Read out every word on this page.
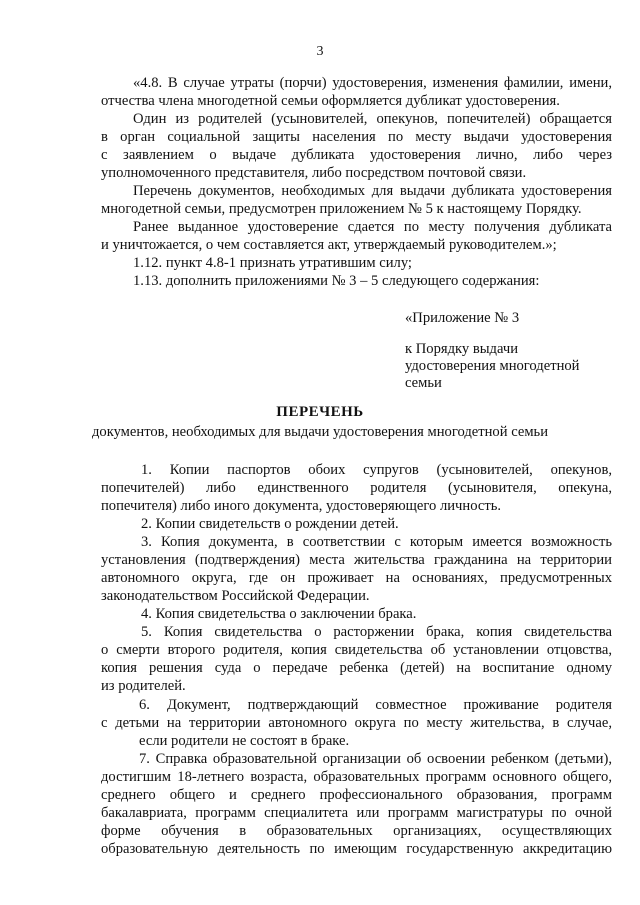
3
«4.8. В случае утраты (порчи) удостоверения, изменения фамилии, имени,
отчества члена многодетной семьи оформляется дубликат удостоверения.
Один из родителей (усыновителей, опекунов, попечителей) обращается
в орган социальной защиты населения по месту выдачи удостоверения
с заявлением о выдаче дубликата удостоверения лично, либо через
уполномоченного представителя, либо посредством почтовой связи.
Перечень документов, необходимых для выдачи дубликата удостоверения
многодетной семьи, предусмотрен приложением № 5 к настоящему Порядку.
Ранее выданное удостоверение сдается по месту получения дубликата
и уничтожается, о чем составляется акт, утверждаемый руководителем.»;
1.12. пункт 4.8-1 признать утратившим силу;
1.13. дополнить приложениями № 3 – 5 следующего содержания:
«Приложение № 3
к Порядку выдачи
удостоверения многодетной
семьи
ПЕРЕЧЕНЬ
документов, необходимых для выдачи удостоверения многодетной семьи
1. Копии паспортов обоих супругов (усыновителей, опекунов,
попечителей) либо единственного родителя (усыновителя, опекуна,
попечителя) либо иного документа, удостоверяющего личность.
2. Копии свидетельств о рождении детей.
3. Копия документа, в соответствии с которым имеется возможность
установления (подтверждения) места жительства гражданина на территории
автономного округа, где он проживает на основаниях, предусмотренных
законодательством Российской Федерации.
4. Копия свидетельства о заключении брака.
5. Копия свидетельства о расторжении брака, копия свидетельства
о смерти второго родителя, копия свидетельства об установлении отцовства,
копия решения суда о передаче ребенка (детей) на воспитание одному
из родителей.
6. Документ, подтверждающий совместное проживание родителя
с детьми на территории автономного округа по месту жительства, в случае,
если родители не состоят в браке.
7. Справка образовательной организации об освоении ребенком (детьми),
достигшим 18-летнего возраста, образовательных программ основного общего,
среднего общего и среднего профессионального образования, программ
бакалавриата, программ специалитета или программ магистратуры по очной
форме обучения в образовательных организациях, осуществляющих
образовательную деятельность по имеющим государственную аккредитацию
